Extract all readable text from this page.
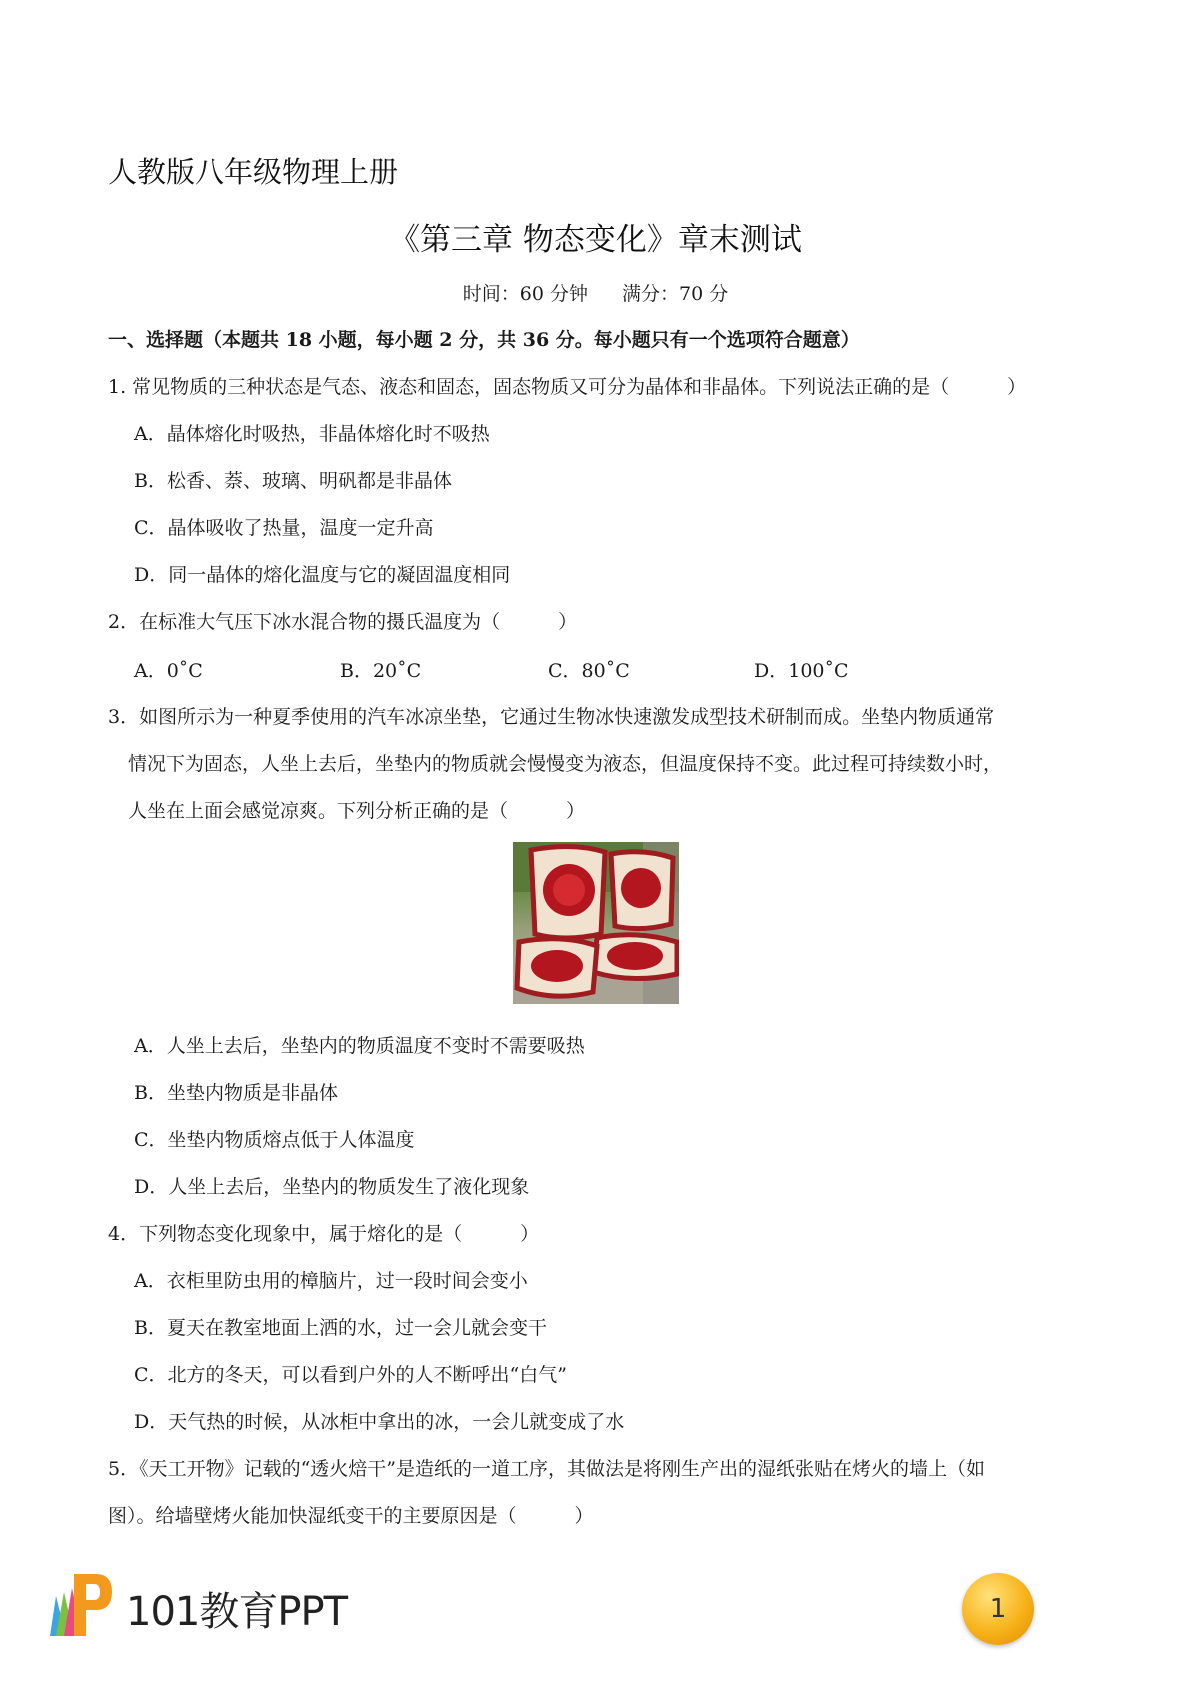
人教版八年级物理上册
《第三章 物态变化》章末测试
时间：60 分钟 满分：70 分
一、选择题（本题共 18 小题，每小题 2 分，共 36 分。每小题只有一个选项符合题意）
1. 常见物质的三种状态是气态、液态和固态，固态物质又可分为晶体和非晶体。下列说法正确的是（	）
A．晶体熔化时吸热，非晶体熔化时不吸热
B．松香、萘、玻璃、明矾都是非晶体
C．晶体吸收了热量，温度一定升高
D．同一晶体的熔化温度与它的凝固温度相同
2．在标准大气压下冰水混合物的摄氏温度为（	）
A．0˚C	B．20˚C	C．80˚C	D．100˚C
3．如图所示为一种夏季使用的汽车冰凉坐垫，它通过生物冰快速激发成型技术研制而成。坐垫内物质通常
情况下为固态，人坐上去后，坐垫内的物质就会慢慢变为液态，但温度保持不变。此过程可持续数小时，
人坐在上面会感觉凉爽。下列分析正确的是（	）
A．人坐上去后，坐垫内的物质温度不变时不需要吸热
B．坐垫内物质是非晶体
C．坐垫内物质熔点低于人体温度
D．人坐上去后，坐垫内的物质发生了液化现象
4．下列物态变化现象中，属于熔化的是（	）
A．衣柜里防虫用的樟脑片，过一段时间会变小
B．夏天在教室地面上洒的水，过一会儿就会变干
C．北方的冬天，可以看到户外的人不断呼出“白气”
D．天气热的时候，从冰柜中拿出的冰，一会儿就变成了水
5．《天工开物》记载的“透火焙干”是造纸的一道工序，其做法是将刚生产出的湿纸张贴在烤火的墙上（如
图）。给墙壁烤火能加快湿纸变干的主要原因是（	）
101教育PPT	1
